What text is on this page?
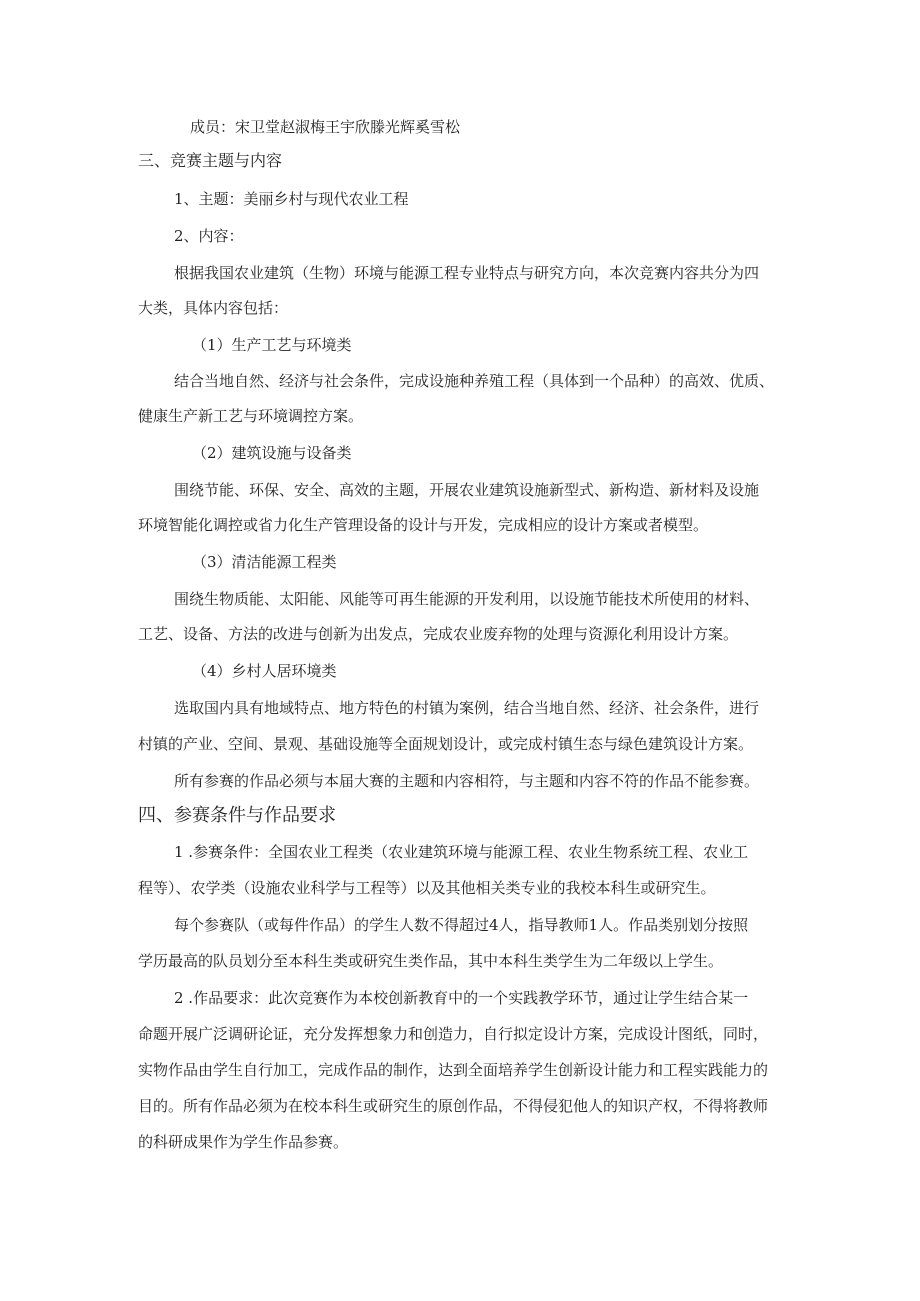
成员：宋卫堂赵淑梅王宇欣滕光辉奚雪松
三、竞赛主题与内容
1、主题：美丽乡村与现代农业工程
2、内容：
根据我国农业建筑（生物）环境与能源工程专业特点与研究方向，本次竞赛内容共分为四
大类，具体内容包括：
（1）生产工艺与环境类
结合当地自然、经济与社会条件，完成设施种养殖工程（具体到一个品种）的高效、优质、
健康生产新工艺与环境调控方案。
（2）建筑设施与设备类
围绕节能、环保、安全、高效的主题，开展农业建筑设施新型式、新构造、新材料及设施
环境智能化调控或省力化生产管理设备的设计与开发，完成相应的设计方案或者模型。
（3）清洁能源工程类
围绕生物质能、太阳能、风能等可再生能源的开发利用，以设施节能技术所使用的材料、
工艺、设备、方法的改进与创新为出发点，完成农业废弃物的处理与资源化利用设计方案。
（4）乡村人居环境类
选取国内具有地域特点、地方特色的村镇为案例，结合当地自然、经济、社会条件，进行
村镇的产业、空间、景观、基础设施等全面规划设计，或完成村镇生态与绿色建筑设计方案。
所有参赛的作品必须与本届大赛的主题和内容相符，与主题和内容不符的作品不能参赛。
四、参赛条件与作品要求
1 .参赛条件：全国农业工程类（农业建筑环境与能源工程、农业生物系统工程、农业工
程等）、农学类（设施农业科学与工程等）以及其他相关类专业的我校本科生或研究生。
每个参赛队（或每件作品）的学生人数不得超过4人，指导教师1人。作品类别划分按照
学历最高的队员划分至本科生类或研究生类作品，其中本科生类学生为二年级以上学生。
2 .作品要求：此次竞赛作为本校创新教育中的一个实践教学环节，通过让学生结合某一
命题开展广泛调研论证，充分发挥想象力和创造力，自行拟定设计方案，完成设计图纸，同时，
实物作品由学生自行加工，完成作品的制作，达到全面培养学生创新设计能力和工程实践能力的
目的。所有作品必须为在校本科生或研究生的原创作品，不得侵犯他人的知识产权，不得将教师
的科研成果作为学生作品参赛。
